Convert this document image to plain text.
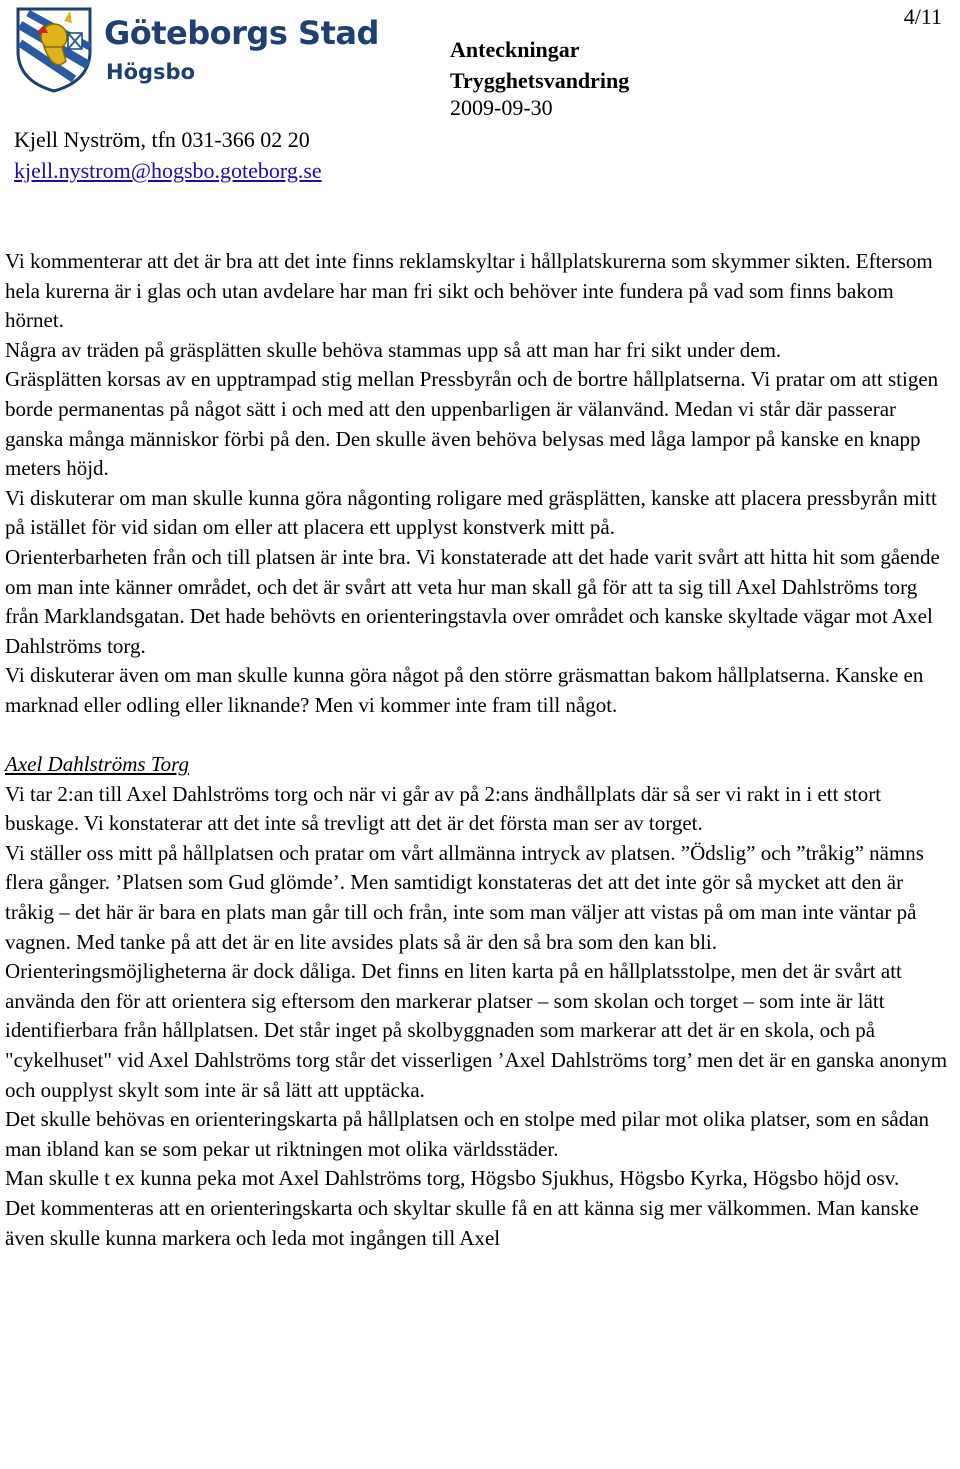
Göteborgs Stad
Högsbo
Anteckningar
Trygghetsvandring
2009-09-30
4/11
Kjell Nyström, tfn 031-366 02 20
kjell.nystrom@hogsbo.goteborg.se

Vi kommenterar att det är bra att det inte finns reklamskyltar i hållplatskurerna som skymmer sikten. Eftersom hela kurerna är i glas och utan avdelare har man fri sikt och behöver inte fundera på vad som finns bakom hörnet.

Några av träden på gräsplätten skulle behöva stammas upp så att man har fri sikt under dem.

Gräsplätten korsas av en upptrampad stig mellan Pressbyrån och de bortre hållplatserna. Vi pratar om att stigen borde permanentas på något sätt i och med att den uppenbarligen är välanvänd. Medan vi står där passerar ganska många människor förbi på den. Den skulle även behöva belysas med låga lampor på kanske en knapp meters höjd.

Vi diskuterar om man skulle kunna göra någonting roligare med gräsplätten, kanske att placera pressbyrån mitt på istället för vid sidan om eller att placera ett upplyst konstverk mitt på.

Orienterbarheten från och till platsen är inte bra. Vi konstaterade att det hade varit svårt att hitta hit som gående om man inte känner området, och det är svårt att veta hur man skall gå för att ta sig till Axel Dahlströms torg från Marklandsgatan. Det hade behövts en orienteringstavla over området och kanske skyltade vägar mot Axel Dahlströms torg.

Vi diskuterar även om man skulle kunna göra något på den större gräsmattan bakom hållplatserna. Kanske en marknad eller odling eller liknande? Men vi kommer inte fram till något.

Axel Dahlströms Torg

Vi tar 2:an till Axel Dahlströms torg och när vi går av på 2:ans ändhållplats där så ser vi rakt in i ett stort buskage. Vi konstaterar att det inte så trevligt att det är det första man ser av torget.

Vi ställer oss mitt på hållplatsen och pratar om vårt allmänna intryck av platsen. ”Ödslig” och ”tråkig” nämns flera gånger. ’Platsen som Gud glömde’. Men samtidigt konstateras det att det inte gör så mycket att den är tråkig – det här är bara en plats man går till och från, inte som man väljer att vistas på om man inte väntar på vagnen. Med tanke på att det är en lite avsides plats så är den så bra som den kan bli.

Orienteringsmöjligheterna är dock dåliga. Det finns en liten karta på en hållplatsstolpe, men det är svårt att använda den för att orientera sig eftersom den markerar platser – som skolan och torget – som inte är lätt identifierbara från hållplatsen. Det står inget på skolbyggnaden som markerar att det är en skola, och på "cykelhuset" vid Axel Dahlströms torg står det visserligen ’Axel Dahlströms torg’ men det är en ganska anonym och oupplyst skylt som inte är så lätt att upptäcka.

Det skulle behövas en orienteringskarta på hållplatsen och en stolpe med pilar mot olika platser, som en sådan man ibland kan se som pekar ut riktningen mot olika världsstäder.

Man skulle t ex kunna peka mot Axel Dahlströms torg, Högsbo Sjukhus, Högsbo Kyrka, Högsbo höjd osv.

Det kommenteras att en orienteringskarta och skyltar skulle få en att känna sig mer välkommen. Man kanske även skulle kunna markera och leda mot ingången till Axel
